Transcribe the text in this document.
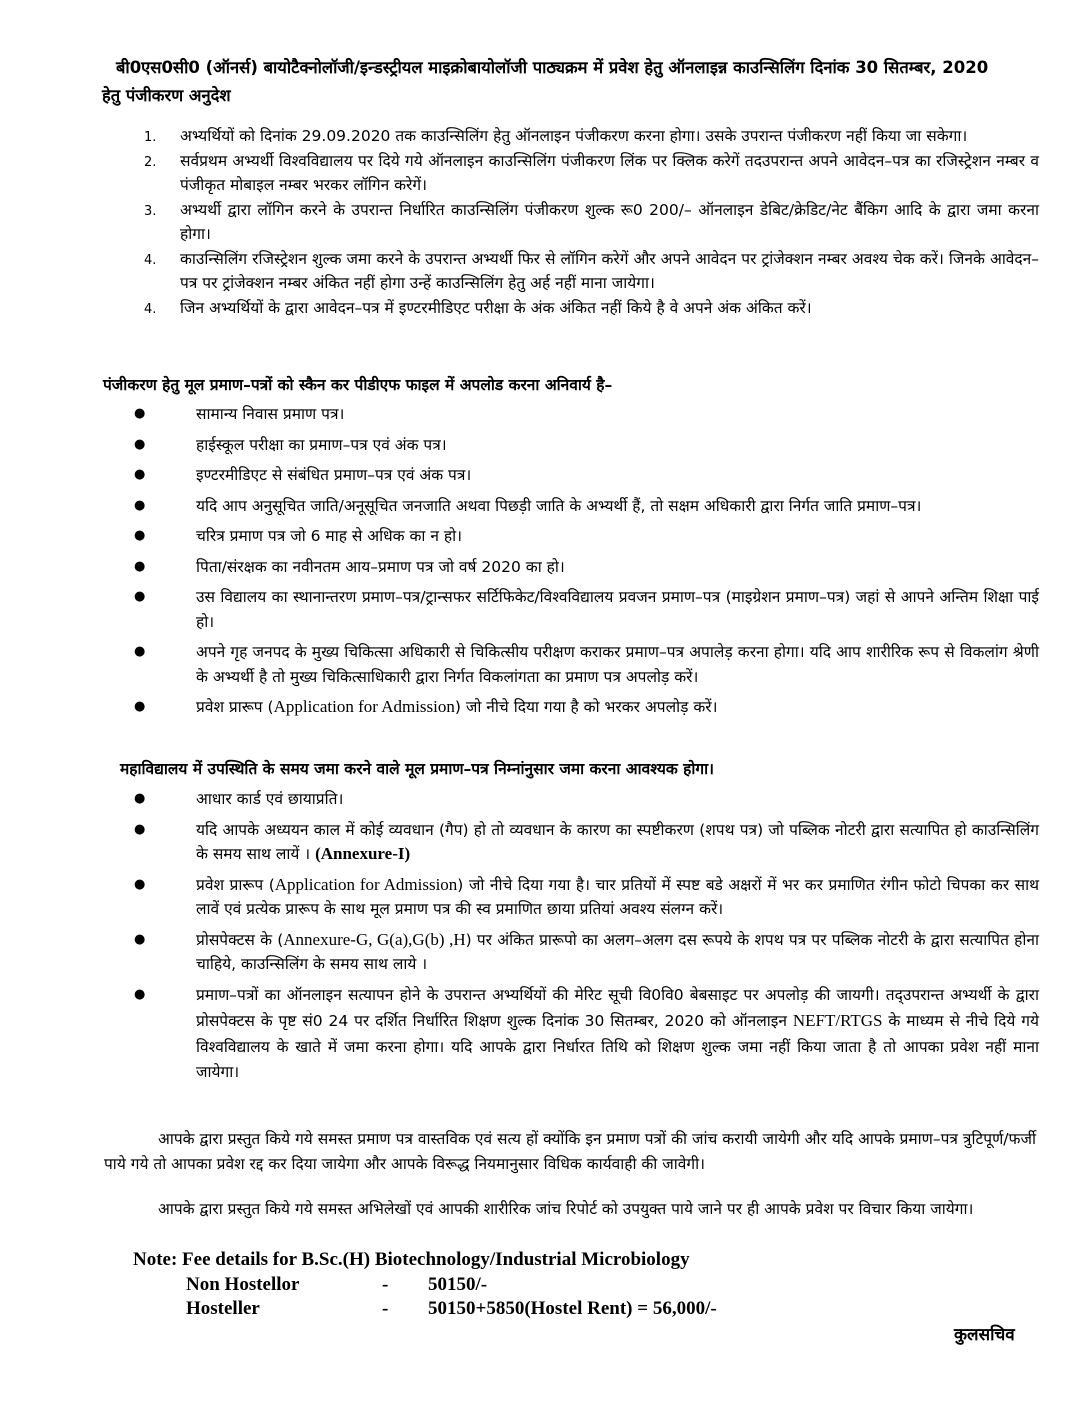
बी0एस0सी0 (ऑनर्स) बायोटैक्नोलॉजी/इन्डस्ट्रीयल माइक्रोबायोलॉजी पाठ्यक्रम में प्रवेश हेतु ऑनलाइन्न काउन्सिलिंग दिनांक 30 सितम्बर, 2020 हेतु पंजीकरण अनुदेश
1. अभ्यर्थियों को दिनांक 29.09.2020 तक काउन्सिलिंग हेतु ऑनलाइन पंजीकरण करना होगा। उसके उपरान्त पंजीकरण नहीं किया जा सकेगा।
2. सर्वप्रथम अभ्यर्थी विश्वविद्यालय पर दिये गये ऑनलाइन काउन्सिलिंग पंजीकरण लिंक पर क्लिक करेगें तदउपरान्त अपने आवेदन–पत्र का रजिस्ट्रेशन नम्बर व पंजीकृत मोबाइल नम्बर भरकर लॉगिन करेगें।
3. अभ्यर्थी द्वारा लॉगिन करने के उपरान्त निर्धारित काउन्सिलिंग पंजीकरण शुल्क रू0 200/– ऑनलाइन डेबिट/क्रेडिट/नेट बैंकिग आदि के द्वारा जमा करना होगा।
4. काउन्सिलिंग रजिस्ट्रेशन शुल्क जमा करने के उपरान्त अभ्यर्थी फिर से लॉगिन करेगें और अपने आवेदन पर ट्रांजेक्शन नम्बर अवश्य चेक करें। जिनके आवेदन–पत्र पर ट्रांजेक्शन नम्बर अंकित नहीं होगा उन्हें काउन्सिलिंग हेतु अर्ह नहीं माना जायेगा।
4. जिन अभ्यर्थियों के द्वारा आवेदन–पत्र में इण्टरमीडिएट परीक्षा के अंक अंकित नहीं किये है वे अपने अंक अंकित करें।
पंजीकरण हेतु मूल प्रमाण–पत्रों को स्कैन कर पीडीएफ फाइल में अपलोड करना अनिवार्य है–
●	सामान्य निवास प्रमाण पत्र।
●	हाईस्कूल परीक्षा का प्रमाण–पत्र एवं अंक पत्र।
●	इण्टरमीडिएट से संबंधित प्रमाण–पत्र एवं अंक पत्र।
●	यदि आप अनुसूचित जाति/अनूसूचित जनजाति अथवा पिछड़ी जाति के अभ्यर्थी हैं, तो सक्षम अधिकारी द्वारा निर्गत जाति प्रमाण–पत्र।
●	चरित्र प्रमाण पत्र जो 6 माह से अधिक का न हो।
●	पिता/संरक्षक का नवीनतम आय–प्रमाण पत्र जो वर्ष 2020 का हो।
●	उस विद्यालय का स्थानान्तरण प्रमाण–पत्र/ट्रान्सफर सर्टिफिकेट/विश्वविद्यालय प्रवजन प्रमाण–पत्र (माइग्रेशन प्रमाण–पत्र) जहां से आपने अन्तिम शिक्षा पाई हो।
●	अपने गृह जनपद के मुख्य चिकित्सा अधिकारी से चिकित्सीय परीक्षण कराकर प्रमाण–पत्र अपालेड़ करना होगा। यदि आप शारीरिक रूप से विकलांग श्रेणी के अभ्यर्थी है तो मुख्य चिकित्साधिकारी द्वारा निर्गत विकलांगता का प्रमाण पत्र अपलोड़ करें।
●	प्रवेश प्रारूप (Application for Admission) जो नीचे दिया गया है को भरकर अपलोड़ करें।
महाविद्यालय में उपस्थिति के समय जमा करने वाले मूल प्रमाण–पत्र निम्नांनुसार जमा करना आवश्यक होगा।
●	आधार कार्ड एवं छायाप्रति।
●	यदि आपके अध्ययन काल में कोई व्यवधान (गैप) हो तो व्यवधान के कारण का स्पष्टीकरण (शपथ पत्र) जो पब्लिक नोटरी द्वारा सत्यापित हो काउन्सिलिंग के समय साथ लायें । (Annexure-I)
●	प्रवेश प्रारूप (Application for Admission) जो नीचे दिया गया है। चार प्रतियों में स्पष्ट बडे अक्षरों में भर कर प्रमाणित रंगीन फोटो चिपका कर साथ लावें एवं प्रत्येक प्रारूप के साथ मूल प्रमाण पत्र की स्व प्रमाणित छाया प्रतियां अवश्य संलग्न करें।
●	प्रोसपेक्टस के (Annexure-G, G(a),G(b) ,H) पर अंकित प्रारूपो का अलग–अलग दस रूपये के शपथ पत्र पर पब्लिक नोटरी के द्वारा सत्यापित होना चाहिये, काउन्सिलिंग के समय साथ लाये ।
●	प्रमाण–पत्रों का ऑनलाइन सत्यापन होने के उपरान्त अभ्यर्थियों की मेरिट सूची वि0वि0 बेबसाइट पर अपलोड़ की जायगी। तद्उपरान्त अभ्यर्थी के द्वारा प्रोसपेक्टस के पृष्ट सं0 24 पर दर्शित निर्धारित शिक्षण शुल्क दिनांक 30 सितम्बर, 2020 को ऑनलाइन NEFT/RTGS के माध्यम से नीचे दिये गये विश्वविद्यालय के खाते में जमा करना होगा। यदि आपके द्वारा निर्धारत तिथि को शिक्षण शुल्क जमा नहीं किया जाता है तो आपका प्रवेश नहीं माना जायेगा।
आपके द्वारा प्रस्तुत किये गये समस्त प्रमाण पत्र वास्तविक एवं सत्य हों क्योंकि इन प्रमाण पत्रों की जांच करायी जायेगी और यदि आपके प्रमाण–पत्र त्रुटिपूर्ण/फर्जी पाये गये तो आपका प्रवेश रद्द कर दिया जायेगा और आपके विरूद्ध नियमानुसार विधिक कार्यवाही की जावेगी।
आपके द्वारा प्रस्तुत किये गये समस्त अभिलेखों एवं आपकी शारीरिक जांच रिपोर्ट को उपयुक्त पाये जाने पर ही आपके प्रवेश पर विचार किया जायेगा।
Note: Fee details for B.Sc.(H) Biotechnology/Industrial Microbiology
Non Hostellor	- 50150/-
Hosteller	- 50150+5850(Hostel Rent) = 56,000/-
कुलसचिव
